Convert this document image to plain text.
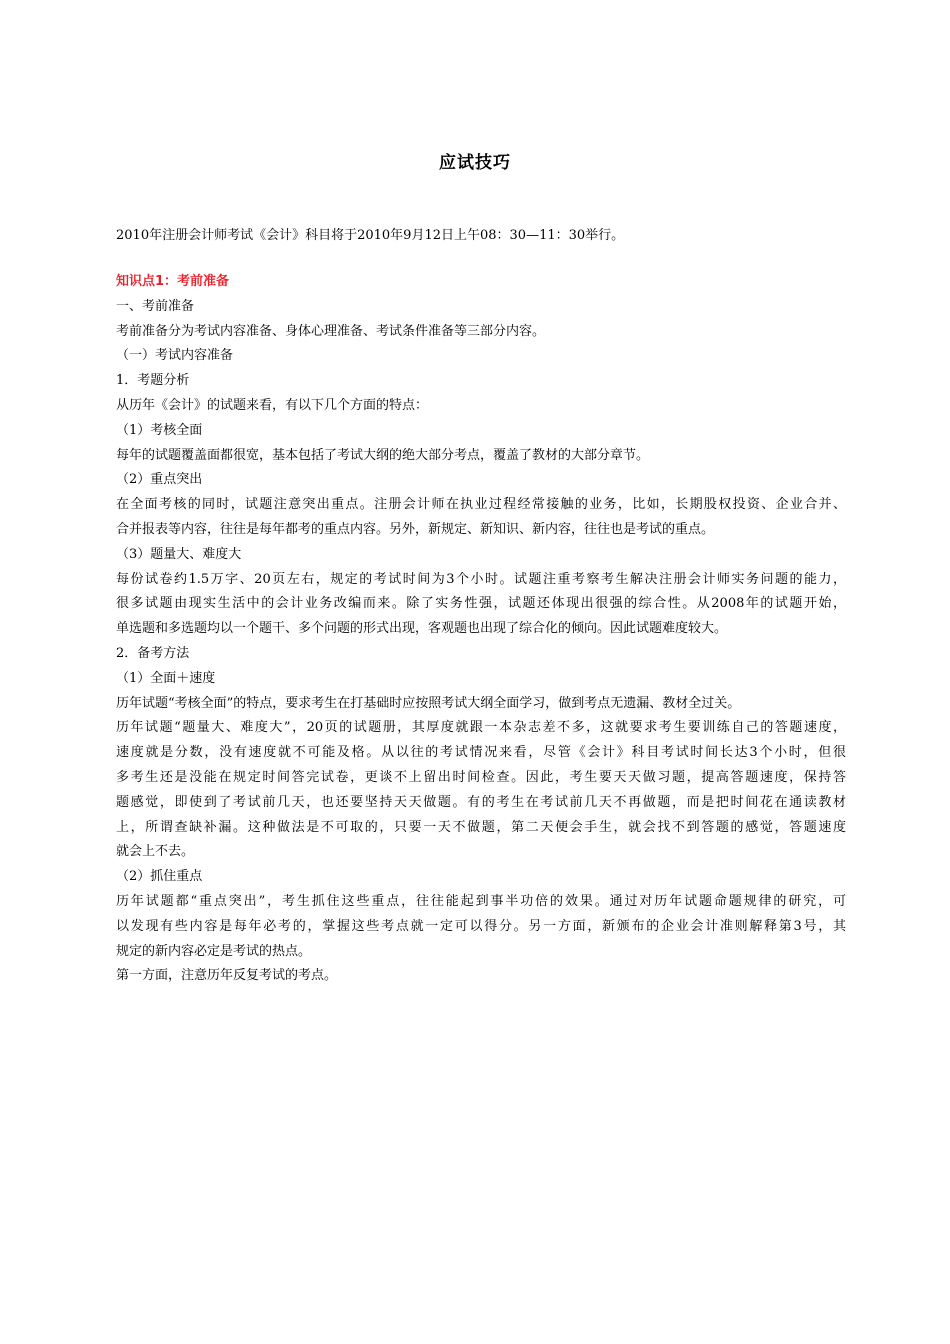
应试技巧
2010年注册会计师考试《会计》科目将于2010年9月12日上午08：30—11：30举行。
知识点1：考前准备
一、考前准备
考前准备分为考试内容准备、身体心理准备、考试条件准备等三部分内容。
（一）考试内容准备
1．考题分析
从历年《会计》的试题来看，有以下几个方面的特点：
（1）考核全面
每年的试题覆盖面都很宽，基本包括了考试大纲的绝大部分考点，覆盖了教材的大部分章节。
（2）重点突出
在全面考核的同时，试题注意突出重点。注册会计师在执业过程经常接触的业务，比如，长期股权投资、企业合并、
合并报表等内容，往往是每年都考的重点内容。另外，新规定、新知识、新内容，往往也是考试的重点。
（3）题量大、难度大
每份试卷约1.5万字、20页左右，规定的考试时间为3个小时。试题注重考察考生解决注册会计师实务问题的能力，
很多试题由现实生活中的会计业务改编而来。除了实务性强，试题还体现出很强的综合性。从2008年的试题开始，
单选题和多选题均以一个题干、多个问题的形式出现，客观题也出现了综合化的倾向。因此试题难度较大。
2．备考方法
（1）全面＋速度
历年试题“考核全面”的特点，要求考生在打基础时应按照考试大纲全面学习，做到考点无遗漏、教材全过关。
历年试题“题量大、难度大”，20页的试题册，其厚度就跟一本杂志差不多，这就要求考生要训练自己的答题速度，
速度就是分数，没有速度就不可能及格。从以往的考试情况来看，尽管《会计》科目考试时间长达3个小时，但很
多考生还是没能在规定时间答完试卷，更谈不上留出时间检查。因此，考生要天天做习题，提高答题速度，保持答
题感觉，即使到了考试前几天，也还要坚持天天做题。有的考生在考试前几天不再做题，而是把时间花在通读教材
上，所谓查缺补漏。这种做法是不可取的，只要一天不做题，第二天便会手生，就会找不到答题的感觉，答题速度
就会上不去。
（2）抓住重点
历年试题都“重点突出”，考生抓住这些重点，往往能起到事半功倍的效果。通过对历年试题命题规律的研究，可
以发现有些内容是每年必考的，掌握这些考点就一定可以得分。另一方面，新颁布的企业会计准则解释第3号，其
规定的新内容必定是考试的热点。
第一方面，注意历年反复考试的考点。
